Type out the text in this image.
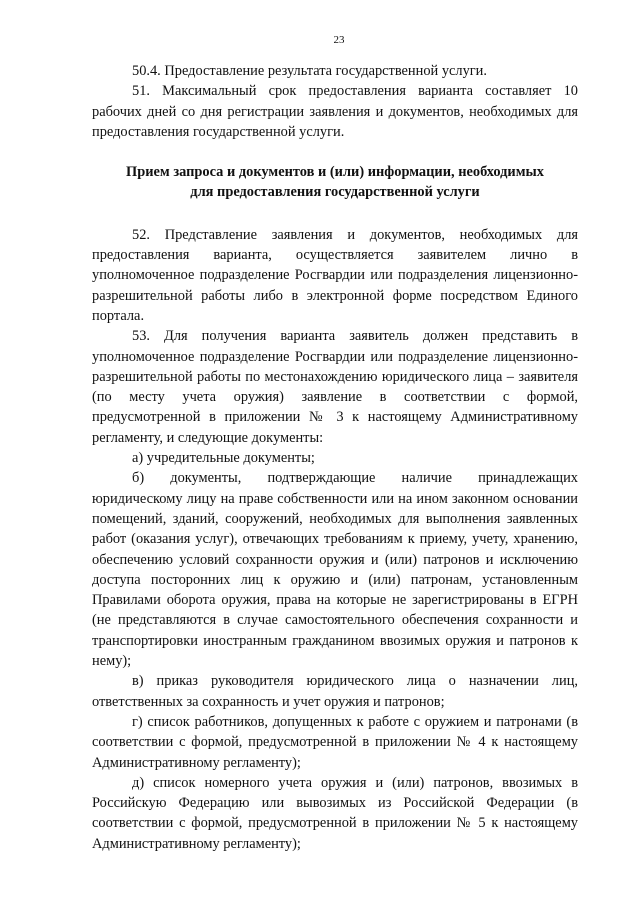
23

50.4. Предоставление результата государственной услуги.

51. Максимальный срок предоставления варианта составляет 10 рабочих дней со дня регистрации заявления и документов, необходимых для предоставления государственной услуги.

Прием запроса и документов и (или) информации, необходимых
для предоставления государственной услуги

52. Представление заявления и документов, необходимых для предоставления варианта, осуществляется заявителем лично в уполномоченное подразделение Росгвардии или подразделения лицензионно-разрешительной работы либо в электронной форме посредством Единого портала.

53. Для получения варианта заявитель должен представить в уполномоченное подразделение Росгвардии или подразделение лицензионно-разрешительной работы по местонахождению юридического лица – заявителя (по месту учета оружия) заявление в соответствии с формой, предусмотренной в приложении № 3 к настоящему Административному регламенту, и следующие документы:

а) учредительные документы;

б) документы, подтверждающие наличие принадлежащих юридическому лицу на праве собственности или на ином законном основании помещений, зданий, сооружений, необходимых для выполнения заявленных работ (оказания услуг), отвечающих требованиям к приему, учету, хранению, обеспечению условий сохранности оружия и (или) патронов и исключению доступа посторонних лиц к оружию и (или) патронам, установленным Правилами оборота оружия, права на которые не зарегистрированы в ЕГРН (не представляются в случае самостоятельного обеспечения сохранности и транспортировки иностранным гражданином ввозимых оружия и патронов к нему);

в) приказ руководителя юридического лица о назначении лиц, ответственных за сохранность и учет оружия и патронов;

г) список работников, допущенных к работе с оружием и патронами (в соответствии с формой, предусмотренной в приложении № 4 к настоящему Административному регламенту);

д) список номерного учета оружия и (или) патронов, ввозимых в Российскую Федерацию или вывозимых из Российской Федерации (в соответствии с формой, предусмотренной в приложении № 5 к настоящему Административному регламенту);
